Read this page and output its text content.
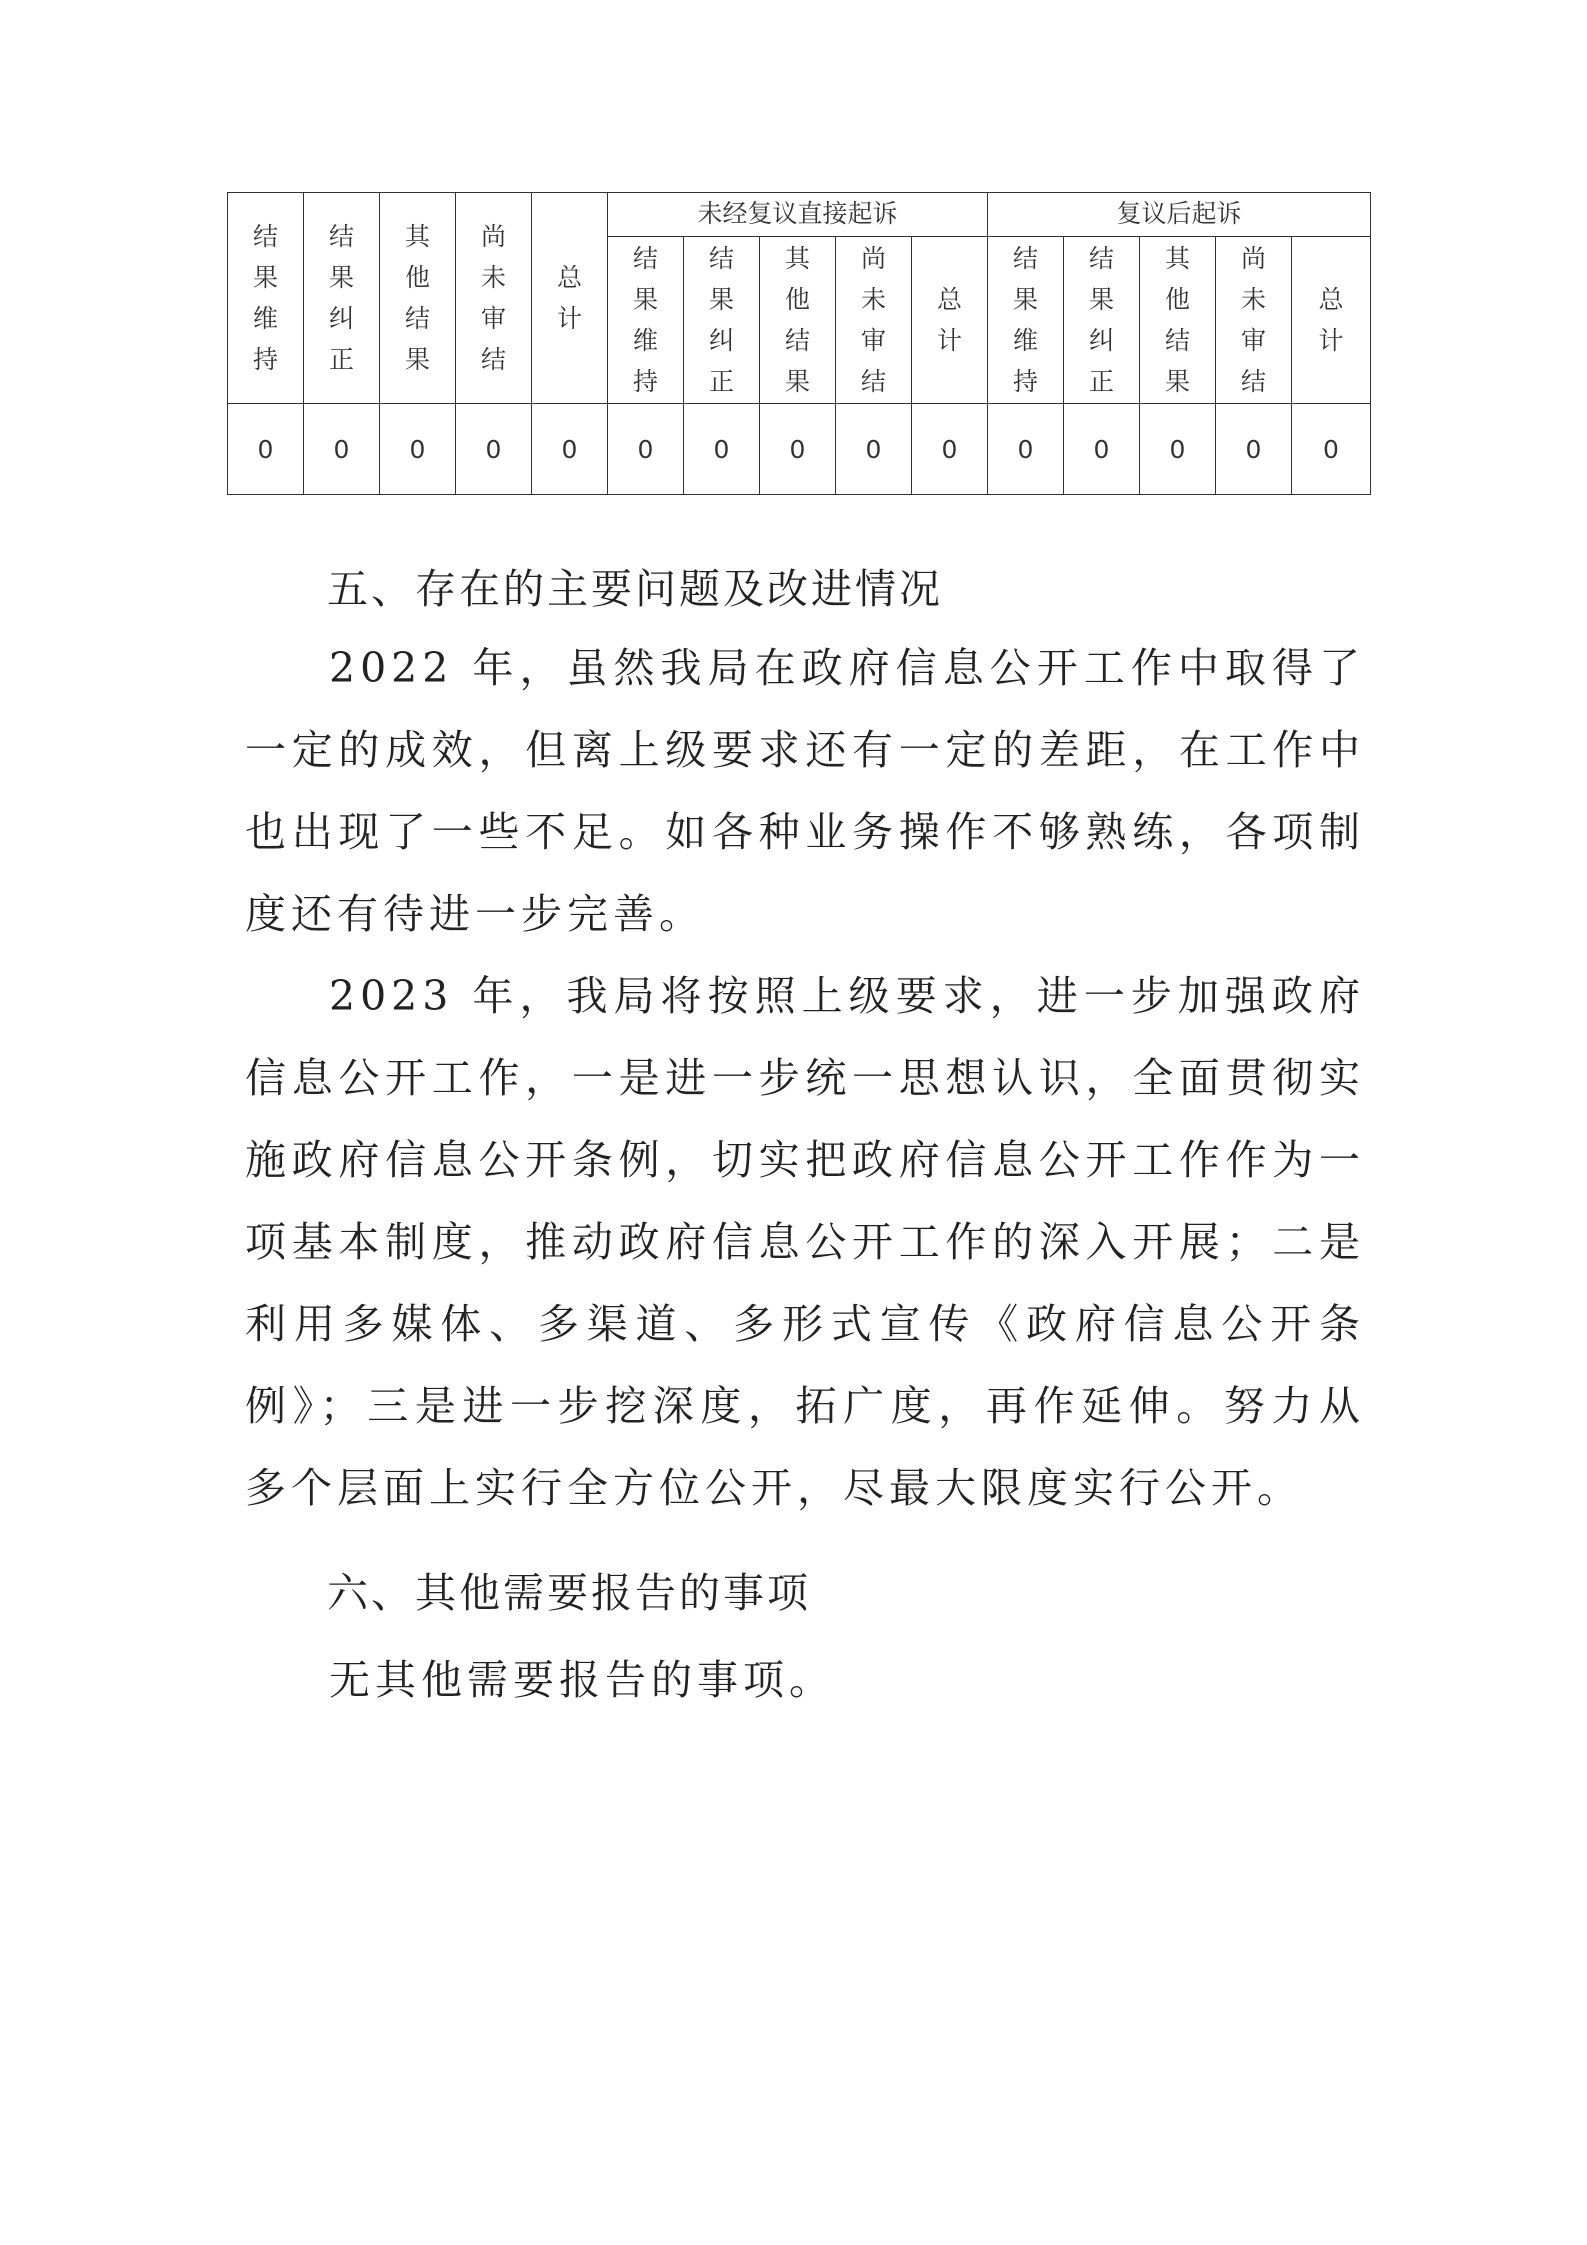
结果维持	结果纠正	其他结果	尚未审结	总计	未经复议直接起诉					复议后起诉				
					结果维持	结果纠正	其他结果	尚未审结	总计	结果维持	结果纠正	其他结果	尚未审结	总计
0	0	0	0	0	0	0	0	0	0	0	0	0	0	0
五、存在的主要问题及改进情况

2022 年，虽然我局在政府信息公开工作中取得了一定的成效，但离上级要求还有一定的差距，在工作中也出现了一些不足。如各种业务操作不够熟练，各项制度还有待进一步完善。

2023 年，我局将按照上级要求，进一步加强政府信息公开工作，一是进一步统一思想认识，全面贯彻实施政府信息公开条例，切实把政府信息公开工作作为一项基本制度，推动政府信息公开工作的深入开展；二是利用多媒体、多渠道、多形式宣传《政府信息公开条例》；三是进一步挖深度，拓广度，再作延伸。努力从多个层面上实行全方位公开，尽最大限度实行公开。

六、其他需要报告的事项

无其他需要报告的事项。
